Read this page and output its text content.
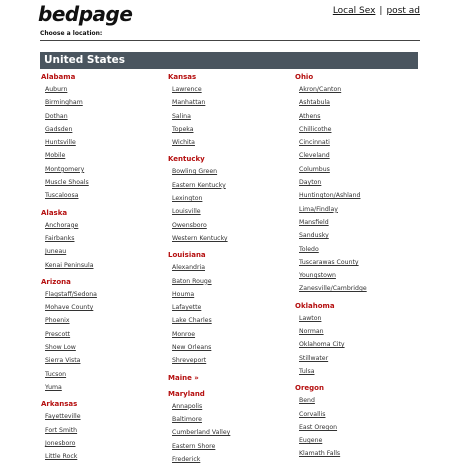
bedpage	Local Sex | post ad
Choose a location:
United States
Alabama
Auburn
Birmingham
Dothan
Gadsden
Huntsville
Mobile
Montgomery
Muscle Shoals
Tuscaloosa
Alaska
Anchorage
Fairbanks
Juneau
Kenai Peninsula
Arizona
Flagstaff/Sedona
Mohave County
Phoenix
Prescott
Show Low
Sierra Vista
Tucson
Yuma
Arkansas
Fayetteville
Fort Smith
Jonesboro
Little Rock
Kansas
Lawrence
Manhattan
Salina
Topeka
Wichita
Kentucky
Bowling Green
Eastern Kentucky
Lexington
Louisville
Owensboro
Western Kentucky
Louisiana
Alexandria
Baton Rouge
Houma
Lafayette
Lake Charles
Monroe
New Orleans
Shreveport
Maine »
Maryland
Annapolis
Baltimore
Cumberland Valley
Eastern Shore
Frederick
Ohio
Akron/Canton
Ashtabula
Athens
Chillicothe
Cincinnati
Cleveland
Columbus
Dayton
Huntington/Ashland
Lima/Findlay
Mansfield
Sandusky
Toledo
Tuscarawas County
Youngstown
Zanesville/Cambridge
Oklahoma
Lawton
Norman
Oklahoma City
Stillwater
Tulsa
Oregon
Bend
Corvallis
East Oregon
Eugene
Klamath Falls
